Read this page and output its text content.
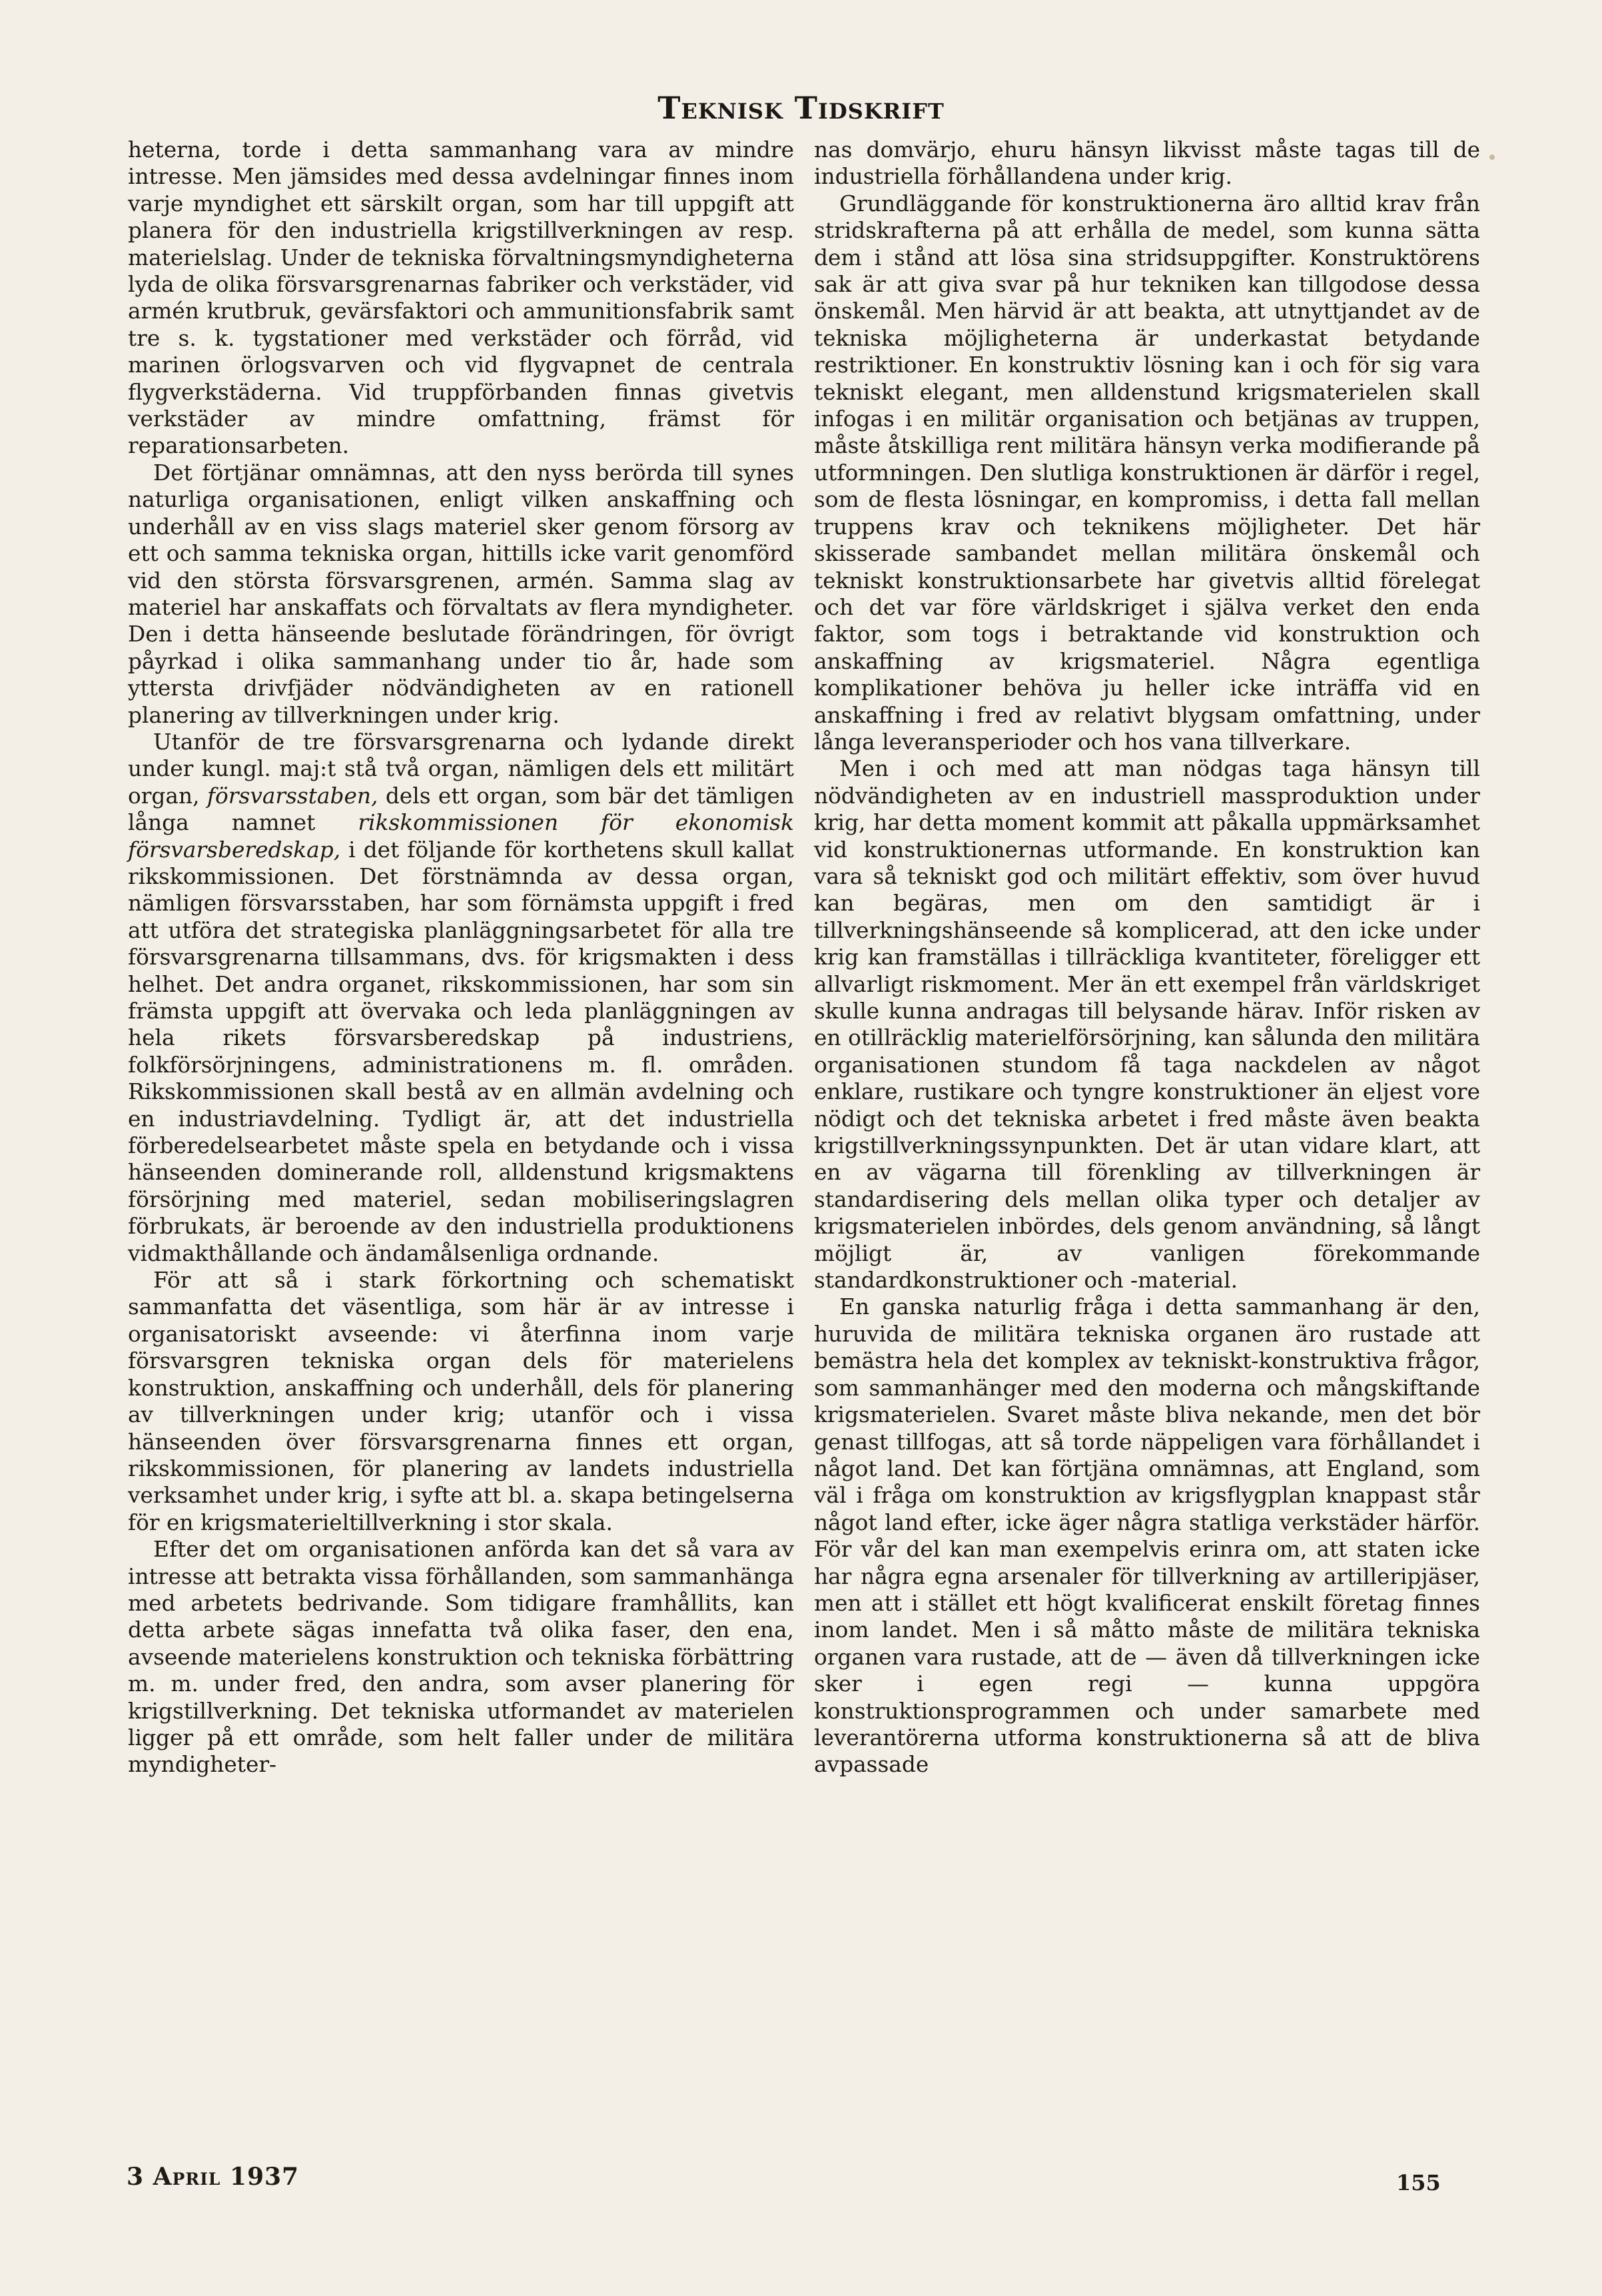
Teknisk Tidskrift

heterna, torde i detta sammanhang vara av mindre intresse. Men jämsides med dessa avdelningar finnes inom varje myndighet ett särskilt organ, som har till uppgift att planera för den industriella krigstillverkningen av resp. materielslag. Under de tekniska förvaltningsmyndigheterna lyda de olika försvarsgrenarnas fabriker och verkstäder, vid armén krutbruk, gevärsfaktori och ammunitionsfabrik samt tre s. k. tygstationer med verkstäder och förråd, vid marinen örlogsvarven och vid flygvapnet de centrala flygverkstäderna. Vid truppförbanden finnas givetvis verkstäder av mindre omfattning, främst för reparationsarbeten.

Det förtjänar omnämnas, att den nyss berörda till synes naturliga organisationen, enligt vilken anskaffning och underhåll av en viss slags materiel sker genom försorg av ett och samma tekniska organ, hittills icke varit genomförd vid den största försvarsgrenen, armén. Samma slag av materiel har anskaffats och förvaltats av flera myndigheter. Den i detta hänseende beslutade förändringen, för övrigt påyrkad i olika sammanhang under tio år, hade som yttersta drivfjäder nödvändigheten av en rationell planering av tillverkningen under krig.

Utanför de tre försvarsgrenarna och lydande direkt under kungl. maj:t stå två organ, nämligen dels ett militärt organ, försvarsstaben, dels ett organ, som bär det tämligen långa namnet rikskommissionen för ekonomisk försvarsberedskap, i det följande för korthetens skull kallat rikskommissionen. Det förstnämnda av dessa organ, nämligen försvarsstaben, har som förnämsta uppgift i fred att utföra det strategiska planläggningsarbetet för alla tre försvarsgrenarna tillsammans, dvs. för krigsmakten i dess helhet. Det andra organet, rikskommissionen, har som sin främsta uppgift att övervaka och leda planläggningen av hela rikets försvarsberedskap på industriens, folkförsörjningens, administrationens m. fl. områden. Rikskommissionen skall bestå av en allmän avdelning och en industriavdelning. Tydligt är, att det industriella förberedelsearbetet måste spela en betydande och i vissa hänseenden dominerande roll, alldenstund krigsmaktens försörjning med materiel, sedan mobiliseringslagren förbrukats, är beroende av den industriella produktionens vidmakthållande och ändamålsenliga ordnande.

För att så i stark förkortning och schematiskt sammanfatta det väsentliga, som här är av intresse i organisatoriskt avseende: vi återfinna inom varje försvarsgren tekniska organ dels för materielens konstruktion, anskaffning och underhåll, dels för planering av tillverkningen under krig; utanför och i vissa hänseenden över försvarsgrenarna finnes ett organ, rikskommissionen, för planering av landets industriella verksamhet under krig, i syfte att bl. a. skapa betingelserna för en krigsmaterieltillverkning i stor skala.

Efter det om organisationen anförda kan det så vara av intresse att betrakta vissa förhållanden, som sammanhänga med arbetets bedrivande. Som tidigare framhållits, kan detta arbete sägas innefatta två olika faser, den ena, avseende materielens konstruktion och tekniska förbättring m. m. under fred, den andra, som avser planering för krigstillverkning. Det tekniska utformandet av materielen ligger på ett område, som helt faller under de militära myndigheter-

nas domvärjo, ehuru hänsyn likvisst måste tagas till de industriella förhållandena under krig.

Grundläggande för konstruktionerna äro alltid krav från stridskrafterna på att erhålla de medel, som kunna sätta dem i stånd att lösa sina stridsuppgifter. Konstruktörens sak är att giva svar på hur tekniken kan tillgodose dessa önskemål. Men härvid är att beakta, att utnyttjandet av de tekniska möjligheterna är underkastat betydande restriktioner. En konstruktiv lösning kan i och för sig vara tekniskt elegant, men alldenstund krigsmaterielen skall infogas i en militär organisation och betjänas av truppen, måste åtskilliga rent militära hänsyn verka modifierande på utformningen. Den slutliga konstruktionen är därför i regel, som de flesta lösningar, en kompromiss, i detta fall mellan truppens krav och teknikens möjligheter. Det här skisserade sambandet mellan militära önskemål och tekniskt konstruktionsarbete har givetvis alltid förelegat och det var före världskriget i själva verket den enda faktor, som togs i betraktande vid konstruktion och anskaffning av krigsmateriel. Några egentliga komplikationer behöva ju heller icke inträffa vid en anskaffning i fred av relativt blygsam omfattning, under långa leveransperioder och hos vana tillverkare.

Men i och med att man nödgas taga hänsyn till nödvändigheten av en industriell massproduktion under krig, har detta moment kommit att påkalla uppmärksamhet vid konstruktionernas utformande. En konstruktion kan vara så tekniskt god och militärt effektiv, som över huvud kan begäras, men om den samtidigt är i tillverkningshänseende så komplicerad, att den icke under krig kan framställas i tillräckliga kvantiteter, föreligger ett allvarligt riskmoment. Mer än ett exempel från världskriget skulle kunna andragas till belysande härav. Inför risken av en otillräcklig materielförsörjning, kan sålunda den militära organisationen stundom få taga nackdelen av något enklare, rustikare och tyngre konstruktioner än eljest vore nödigt och det tekniska arbetet i fred måste även beakta krigstillverkningssynpunkten. Det är utan vidare klart, att en av vägarna till förenkling av tillverkningen är standardisering dels mellan olika typer och detaljer av krigsmaterielen inbördes, dels genom användning, så långt möjligt är, av vanligen förekommande standardkonstruktioner och -material.

En ganska naturlig fråga i detta sammanhang är den, huruvida de militära tekniska organen äro rustade att bemästra hela det komplex av tekniskt-konstruktiva frågor, som sammanhänger med den moderna och mångskiftande krigsmaterielen. Svaret måste bliva nekande, men det bör genast tillfogas, att så torde näppeligen vara förhållandet i något land. Det kan förtjäna omnämnas, att England, som väl i fråga om konstruktion av krigsflygplan knappast står något land efter, icke äger några statliga verkstäder härför. För vår del kan man exempelvis erinra om, att staten icke har några egna arsenaler för tillverkning av artilleripjäser, men att i stället ett högt kvalificerat enskilt företag finnes inom landet. Men i så måtto måste de militära tekniska organen vara rustade, att de — även då tillverkningen icke sker i egen regi — kunna uppgöra konstruktionsprogrammen och under samarbete med leverantörerna utforma konstruktionerna så att de bliva avpassade

3 April 1937	155
